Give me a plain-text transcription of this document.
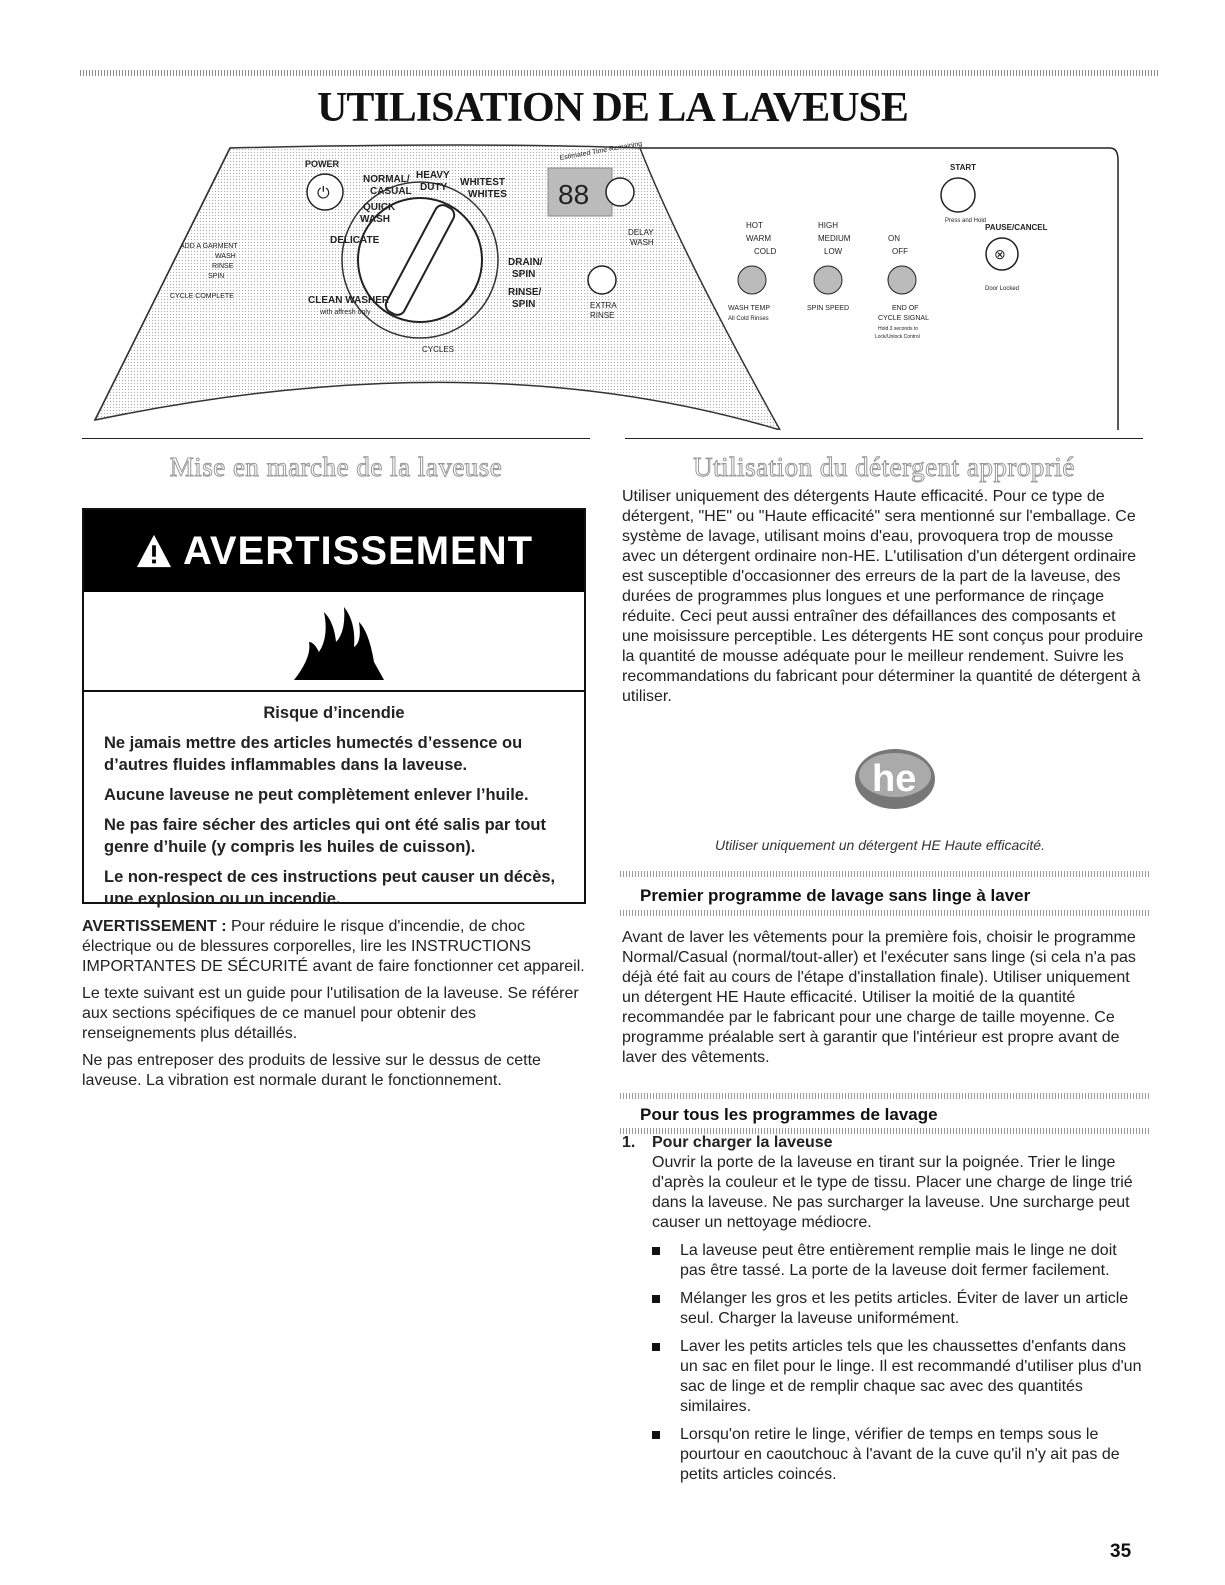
UTILISATION DE LA LAVEUSE
⏻
POWER
NORMAL/
CASUAL
HEAVY
DUTY WHITEST
WHITES
QUICK
WASH
DELICATE
CLEAN WASHER
with affresh only
DRAIN/
SPIN
RINSE/
SPIN
CYCLES
ADD A GARMENT
WASH
RINSE
SPIN
CYCLE COMPLETE
88
Estimated Time Remaining
DELAY
WASH
EXTRA
RINSE
HOT
WARM
COLD
WASH TEMP
All Cold Rinses
HIGH
MEDIUM
LOW
SPIN SPEED
ON
OFF
END OF
CYCLE SIGNAL
Hold 3 seconds to
Lock/Unlock Control
START
Press and Hold
⊗
PAUSE/CANCEL
Door Locked
Mise en marche de la laveuse	Utilisation du détergent approprié
AVERTISSEMENT
Risque d’incendie

Ne jamais mettre des articles humectés d’essence ou d’autres fluides inflammables dans la laveuse.

Aucune laveuse ne peut complètement enlever l’huile.

Ne pas faire sécher des articles qui ont été salis par tout genre d’huile (y compris les huiles de cuisson).

Le non-respect de ces instructions peut causer un décès, une explosion ou un incendie.

AVERTISSEMENT : Pour réduire le risque d'incendie, de choc électrique ou de blessures corporelles, lire les INSTRUCTIONS IMPORTANTES DE SÉCURITÉ avant de faire fonctionner cet appareil.

Le texte suivant est un guide pour l'utilisation de la laveuse. Se référer aux sections spécifiques de ce manuel pour obtenir des renseignements plus détaillés.

Ne pas entreposer des produits de lessive sur le dessus de cette laveuse. La vibration est normale durant le fonctionnement.

Utiliser uniquement des détergents Haute efficacité. Pour ce type de détergent, "HE" ou "Haute efficacité" sera mentionné sur l'emballage. Ce système de lavage, utilisant moins d'eau, provoquera trop de mousse avec un détergent ordinaire non-HE. L'utilisation d'un détergent ordinaire est susceptible d'occasionner des erreurs de la part de la laveuse, des durées de programmes plus longues et une performance de rinçage réduite. Ceci peut aussi entraîner des défaillances des composants et une moisissure perceptible. Les détergents HE sont conçus pour produire la quantité de mousse adéquate pour le meilleur rendement. Suivre les recommandations du fabricant pour déterminer la quantité de détergent à utiliser.
he
Utiliser uniquement un détergent HE Haute efficacité.
Premier programme de lavage sans linge à laver
Avant de laver les vêtements pour la première fois, choisir le programme Normal/Casual (normal/tout-aller) et l'exécuter sans linge (si cela n'a pas déjà été fait au cours de l'étape d'installation finale). Utiliser uniquement un détergent HE Haute efficacité. Utiliser la moitié de la quantité recommandée par le fabricant pour une charge de taille moyenne. Ce programme préalable sert à garantir que l'intérieur est propre avant de laver des vêtements.
Pour tous les programmes de lavage
1. Pour charger la laveuse
Ouvrir la porte de la laveuse en tirant sur la poignée. Trier le linge d'après la couleur et le type de tissu. Placer une charge de linge trié dans la laveuse. Ne pas surcharger la laveuse. Une surcharge peut causer un nettoyage médiocre.
La laveuse peut être entièrement remplie mais le linge ne doit pas être tassé. La porte de la laveuse doit fermer facilement.
Mélanger les gros et les petits articles. Éviter de laver un article seul. Charger la laveuse uniformément.
Laver les petits articles tels que les chaussettes d'enfants dans un sac en filet pour le linge. Il est recommandé d'utiliser plus d'un sac de linge et de remplir chaque sac avec des quantités similaires.
Lorsqu'on retire le linge, vérifier de temps en temps sous le pourtour en caoutchouc à l'avant de la cuve qu'il n'y ait pas de petits articles coincés.
35
